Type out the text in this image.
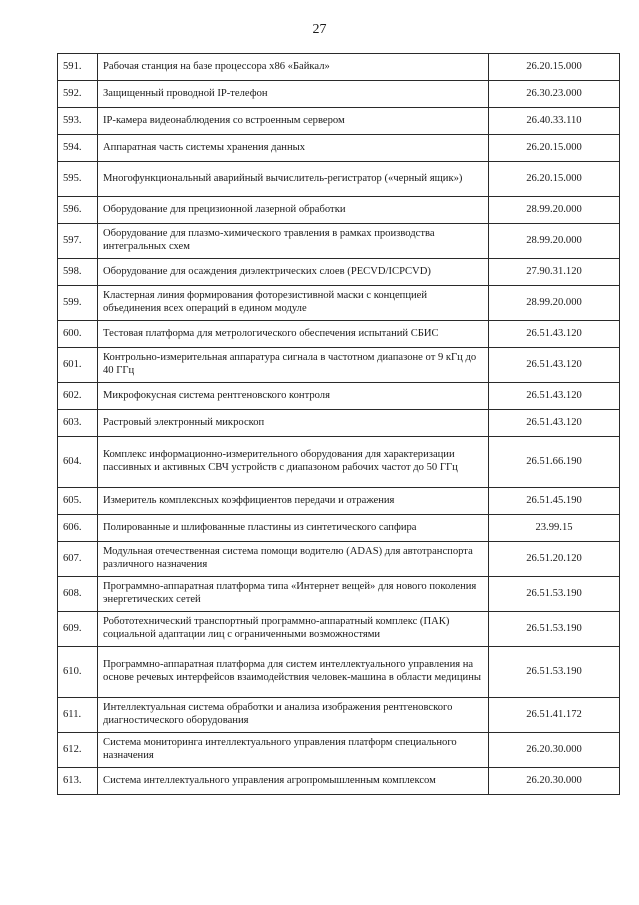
27
591.	Рабочая станция на базе процессора x86 «Байкал»	26.20.15.000
592.	Защищенный проводной IP-телефон	26.30.23.000
593.	IP-камера видеонаблюдения со встроенным сервером	26.40.33.110
594.	Аппаратная часть системы хранения данных	26.20.15.000
595.	Многофункциональный аварийный вычислитель-регистратор («черный ящик»)	26.20.15.000
596.	Оборудование для прецизионной лазерной обработки	28.99.20.000
597.	Оборудование для плазмо-химического травления в рамках производства интегральных схем	28.99.20.000
598.	Оборудование для осаждения диэлектрических слоев (PECVD/ICPCVD)	27.90.31.120
599.	Кластерная линия формирования фоторезистивной маски с концепцией объединения всех операций в едином модуле	28.99.20.000
600.	Тестовая платформа для метрологического обеспечения испытаний СБИС	26.51.43.120
601.	Контрольно-измерительная аппаратура сигнала в частотном диапазоне от 9 кГц до 40 ГГц	26.51.43.120
602.	Микрофокусная система рентгеновского контроля	26.51.43.120
603.	Растровый электронный микроскоп	26.51.43.120
604.	Комплекс информационно-измерительного оборудования для характеризации пассивных и активных СВЧ устройств с диапазоном рабочих частот до 50 ГГц	26.51.66.190
605.	Измеритель комплексных коэффициентов передачи и отражения	26.51.45.190
606.	Полированные и шлифованные пластины из синтетического сапфира	23.99.15
607.	Модульная отечественная система помощи водителю (ADAS) для автотранспорта различного назначения	26.51.20.120
608.	Программно-аппаратная платформа типа «Интернет вещей» для нового поколения энергетических сетей	26.51.53.190
609.	Робототехнический транспортный программно-аппаратный комплекс (ПАК) социальной адаптации лиц с ограниченными возможностями	26.51.53.190
610.	Программно-аппаратная платформа для систем интеллектуального управления на основе речевых интерфейсов взаимодействия человек-машина в области медицины	26.51.53.190
611.	Интеллектуальная система обработки и анализа изображения рентгеновского диагностического оборудования	26.51.41.172
612.	Система мониторинга интеллектуального управления платформ специального назначения	26.20.30.000
613.	Система интеллектуального управления агропромышленным комплексом	26.20.30.000
